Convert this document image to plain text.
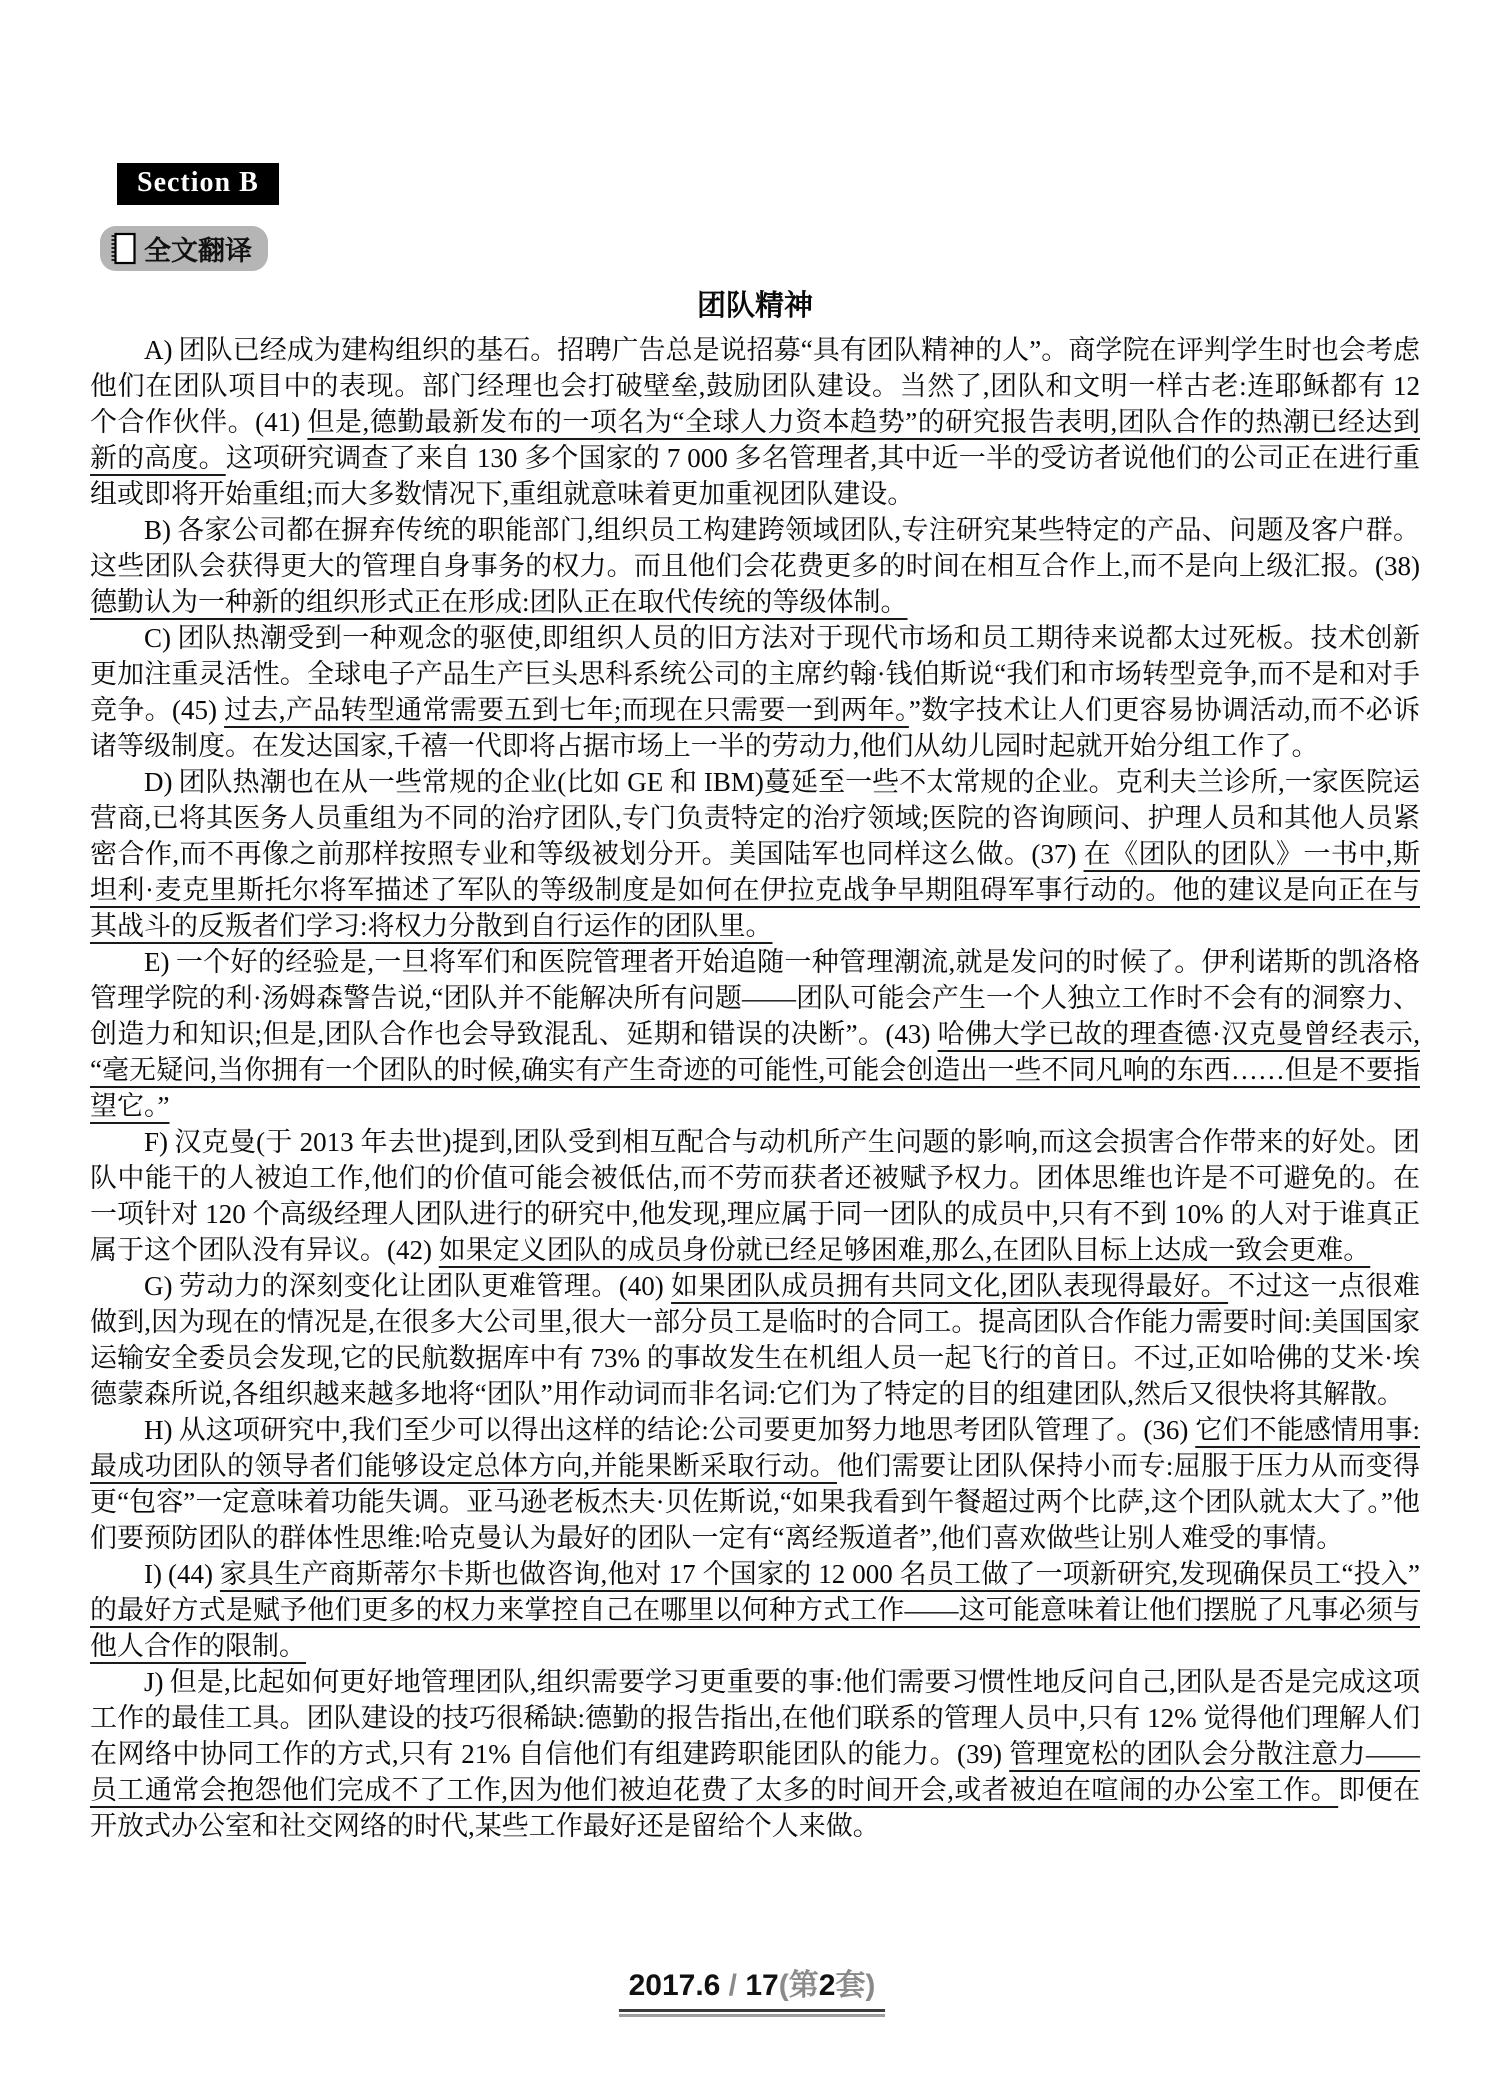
Section B
全文翻译
团队精神

A) 团队已经成为建构组织的基石。招聘广告总是说招募“具有团队精神的人”。商学院在评判学生时也会考虑他们在团队项目中的表现。部门经理也会打破壁垒,鼓励团队建设。当然了,团队和文明一样古老:连耶稣都有 12 个合作伙伴。(41) 但是,德勤最新发布的一项名为“全球人力资本趋势”的研究报告表明,团队合作的热潮已经达到新的高度。这项研究调查了来自 130 多个国家的 7 000 多名管理者,其中近一半的受访者说他们的公司正在进行重组或即将开始重组;而大多数情况下,重组就意味着更加重视团队建设。

B) 各家公司都在摒弃传统的职能部门,组织员工构建跨领域团队,专注研究某些特定的产品、问题及客户群。这些团队会获得更大的管理自身事务的权力。而且他们会花费更多的时间在相互合作上,而不是向上级汇报。(38) 德勤认为一种新的组织形式正在形成:团队正在取代传统的等级体制。

C) 团队热潮受到一种观念的驱使,即组织人员的旧方法对于现代市场和员工期待来说都太过死板。技术创新更加注重灵活性。全球电子产品生产巨头思科系统公司的主席约翰·钱伯斯说“我们和市场转型竞争,而不是和对手竞争。(45) 过去,产品转型通常需要五到七年;而现在只需要一到两年。”数字技术让人们更容易协调活动,而不必诉诸等级制度。在发达国家,千禧一代即将占据市场上一半的劳动力,他们从幼儿园时起就开始分组工作了。

D) 团队热潮也在从一些常规的企业(比如 GE 和 IBM)蔓延至一些不太常规的企业。克利夫兰诊所,一家医院运营商,已将其医务人员重组为不同的治疗团队,专门负责特定的治疗领域;医院的咨询顾问、护理人员和其他人员紧密合作,而不再像之前那样按照专业和等级被划分开。美国陆军也同样这么做。(37) 在《团队的团队》一书中,斯坦利·麦克里斯托尔将军描述了军队的等级制度是如何在伊拉克战争早期阻碍军事行动的。他的建议是向正在与其战斗的反叛者们学习:将权力分散到自行运作的团队里。

E) 一个好的经验是,一旦将军们和医院管理者开始追随一种管理潮流,就是发问的时候了。伊利诺斯的凯洛格管理学院的利·汤姆森警告说,“团队并不能解决所有问题——团队可能会产生一个人独立工作时不会有的洞察力、创造力和知识;但是,团队合作也会导致混乱、延期和错误的决断”。(43) 哈佛大学已故的理查德·汉克曼曾经表示,“毫无疑问,当你拥有一个团队的时候,确实有产生奇迹的可能性,可能会创造出一些不同凡响的东西……但是不要指望它。”

F) 汉克曼(于 2013 年去世)提到,团队受到相互配合与动机所产生问题的影响,而这会损害合作带来的好处。团队中能干的人被迫工作,他们的价值可能会被低估,而不劳而获者还被赋予权力。团体思维也许是不可避免的。在一项针对 120 个高级经理人团队进行的研究中,他发现,理应属于同一团队的成员中,只有不到 10% 的人对于谁真正属于这个团队没有异议。(42) 如果定义团队的成员身份就已经足够困难,那么,在团队目标上达成一致会更难。

G) 劳动力的深刻变化让团队更难管理。(40) 如果团队成员拥有共同文化,团队表现得最好。不过这一点很难做到,因为现在的情况是,在很多大公司里,很大一部分员工是临时的合同工。提高团队合作能力需要时间:美国国家运输安全委员会发现,它的民航数据库中有 73% 的事故发生在机组人员一起飞行的首日。不过,正如哈佛的艾米·埃德蒙森所说,各组织越来越多地将“团队”用作动词而非名词:它们为了特定的目的组建团队,然后又很快将其解散。

H) 从这项研究中,我们至少可以得出这样的结论:公司要更加努力地思考团队管理了。(36) 它们不能感情用事:最成功团队的领导者们能够设定总体方向,并能果断采取行动。他们需要让团队保持小而专:屈服于压力从而变得更“包容”一定意味着功能失调。亚马逊老板杰夫·贝佐斯说,“如果我看到午餐超过两个比萨,这个团队就太大了。”他们要预防团队的群体性思维:哈克曼认为最好的团队一定有“离经叛道者”,他们喜欢做些让别人难受的事情。

I) (44) 家具生产商斯蒂尔卡斯也做咨询,他对 17 个国家的 12 000 名员工做了一项新研究,发现确保员工“投入”的最好方式是赋予他们更多的权力来掌控自己在哪里以何种方式工作——这可能意味着让他们摆脱了凡事必须与他人合作的限制。

J) 但是,比起如何更好地管理团队,组织需要学习更重要的事:他们需要习惯性地反问自己,团队是否是完成这项工作的最佳工具。团队建设的技巧很稀缺:德勤的报告指出,在他们联系的管理人员中,只有 12% 觉得他们理解人们在网络中协同工作的方式,只有 21% 自信他们有组建跨职能团队的能力。(39) 管理宽松的团队会分散注意力——员工通常会抱怨他们完成不了工作,因为他们被迫花费了太多的时间开会,或者被迫在喧闹的办公室工作。即便在开放式办公室和社交网络的时代,某些工作最好还是留给个人来做。

2017.6 / 17(第2套)
